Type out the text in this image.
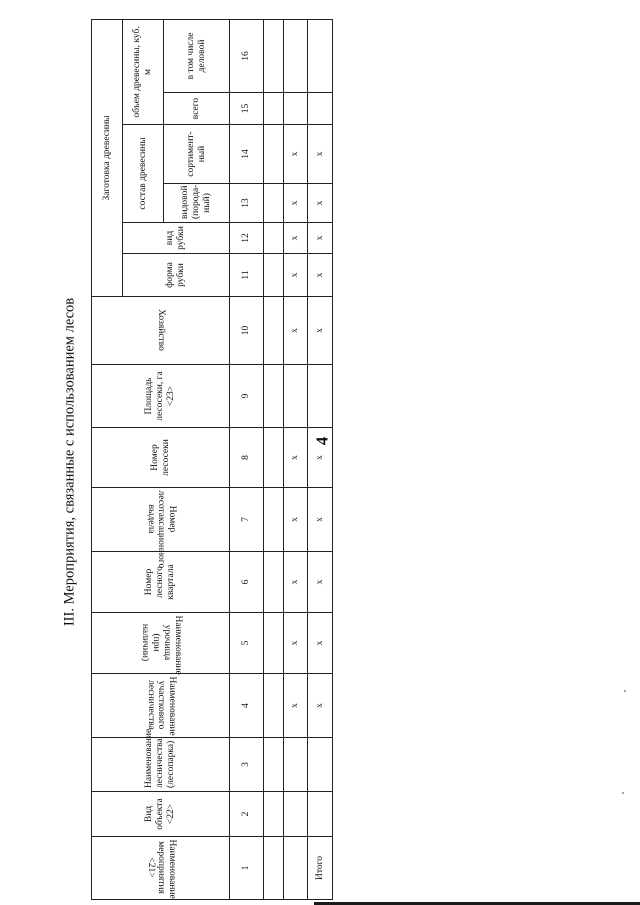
4
III. Мероприятия, связанные с использованием лесов
Наименование мероприятия <21>	Вид объекта <22>	Наименование лесничества (лесопарка)	Наименование участкового лесничества	Наименование урочища (при наличии)	Номер лесного квартала	Номер лесотаксационного выдела	Номер лесосеки	Площадь лесосеки, га <23>	Хозяйство	Заготовка древесины					
										форма рубки	вид рубки	состав древесины		объем древесины, куб. м	
												видовой (порода-ный)	сортимент-ный	всего	в том числе деловой
1	2	3	4	5	6	7	8	9	10	11	12	13	14	15	16

			x	x	x	x	x		x	x	x	x	x		
Итого			x	x	x	x	x		x	x	x	x	x		
